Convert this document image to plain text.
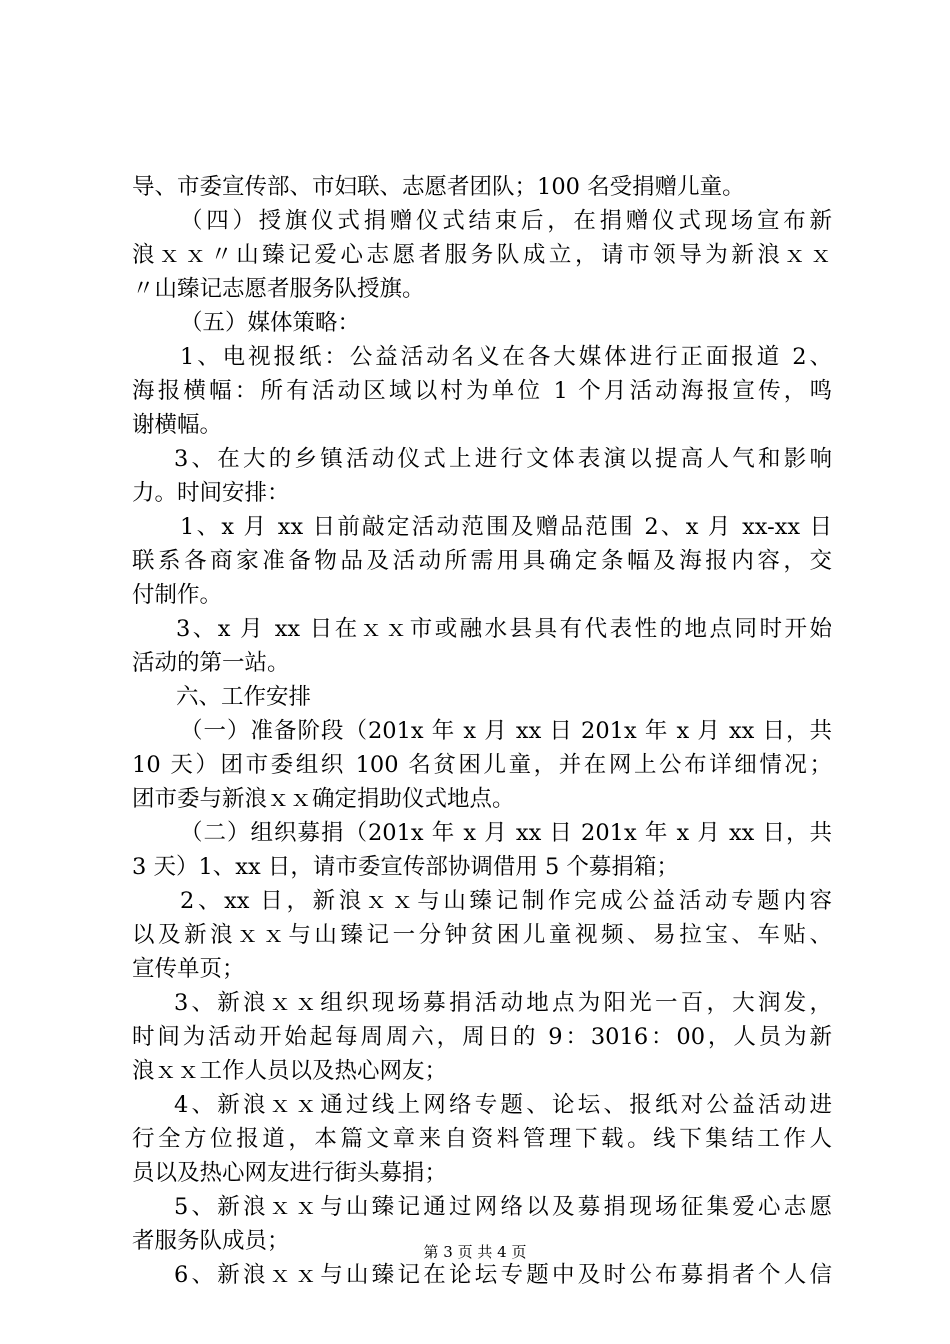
导、市委宣传部、市妇联、志愿者团队；100 名受捐赠儿童。
（四）授旗仪式捐赠仪式结束后，在捐赠仪式现场宣布新
浪ｘｘ〃山臻记爱心志愿者服务队成立，请市领导为新浪ｘｘ
〃山臻记志愿者服务队授旗。
（五）媒体策略：
1、电视报纸：公益活动名义在各大媒体进行正面报道 2、
海报横幅：所有活动区域以村为单位 1 个月活动海报宣传，鸣
谢横幅。
3、在大的乡镇活动仪式上进行文体表演以提高人气和影响
力。时间安排：
1、x 月 xx 日前敲定活动范围及赠品范围 2、x 月 xx-xx 日
联系各商家准备物品及活动所需用具确定条幅及海报内容，交
付制作。
3、x 月 xx 日在ｘｘ市或融水县具有代表性的地点同时开始
活动的第一站。
六、工作安排
（一）准备阶段（201x 年 x 月 xx 日 201x 年 x 月 xx 日，共
10 天）团市委组织 100 名贫困儿童，并在网上公布详细情况；
团市委与新浪ｘｘ确定捐助仪式地点。
（二）组织募捐（201x 年 x 月 xx 日 201x 年 x 月 xx 日，共
3 天）1、xx 日，请市委宣传部协调借用 5 个募捐箱；
2、xx 日，新浪ｘｘ与山臻记制作完成公益活动专题内容
以及新浪ｘｘ与山臻记一分钟贫困儿童视频、易拉宝、车贴、
宣传单页；
3、新浪ｘｘ组织现场募捐活动地点为阳光一百，大润发，
时间为活动开始起每周周六，周日的 9：3016：00，人员为新
浪ｘｘ工作人员以及热心网友；
4、新浪ｘｘ通过线上网络专题、论坛、报纸对公益活动进
行全方位报道，本篇文章来自资料管理下载。线下集结工作人
员以及热心网友进行街头募捐；
5、新浪ｘｘ与山臻记通过网络以及募捐现场征集爱心志愿
者服务队成员；
6、新浪ｘｘ与山臻记在论坛专题中及时公布募捐者个人信
第 3 页 共 4 页
